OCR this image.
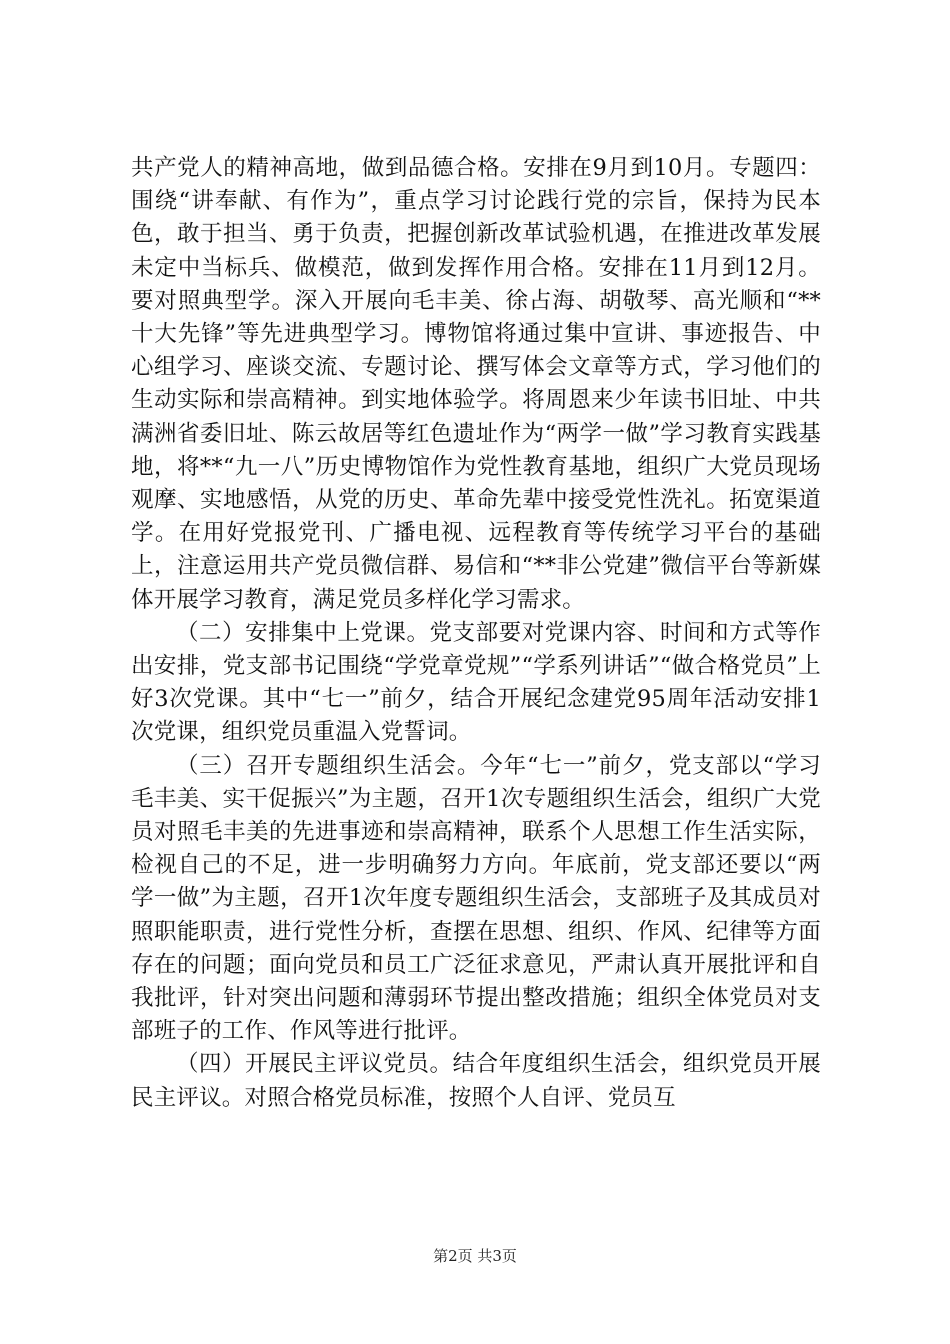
共产党人的精神高地，做到品德合格。安排在9月到10月。专题四：围绕“讲奉献、有作为”，重点学习讨论践行党的宗旨，保持为民本色，敢于担当、勇于负责，把握创新改革试验机遇，在推进改革发展未定中当标兵、做模范，做到发挥作用合格。安排在11月到12月。要对照典型学。深入开展向毛丰美、徐占海、胡敬琴、高光顺和“**十大先锋”等先进典型学习。博物馆将通过集中宣讲、事迹报告、中心组学习、座谈交流、专题讨论、撰写体会文章等方式，学习他们的生动实际和崇高精神。到实地体验学。将周恩来少年读书旧址、中共满洲省委旧址、陈云故居等红色遗址作为“两学一做”学习教育实践基地，将**“九一八”历史博物馆作为党性教育基地，组织广大党员现场观摩、实地感悟，从党的历史、革命先辈中接受党性洗礼。拓宽渠道学。在用好党报党刊、广播电视、远程教育等传统学习平台的基础上，注意运用共产党员微信群、易信和“**非公党建”微信平台等新媒体开展学习教育，满足党员多样化学习需求。

（二）安排集中上党课。党支部要对党课内容、时间和方式等作出安排，党支部书记围绕“学党章党规”“学系列讲话”“做合格党员”上好3次党课。其中“七一”前夕，结合开展纪念建党95周年活动安排1次党课，组织党员重温入党誓词。

（三）召开专题组织生活会。今年“七一”前夕，党支部以“学习毛丰美、实干促振兴”为主题，召开1次专题组织生活会，组织广大党员对照毛丰美的先进事迹和崇高精神，联系个人思想工作生活实际，检视自己的不足，进一步明确努力方向。年底前，党支部还要以“两学一做”为主题，召开1次年度专题组织生活会，支部班子及其成员对照职能职责，进行党性分析，查摆在思想、组织、作风、纪律等方面存在的问题；面向党员和员工广泛征求意见，严肃认真开展批评和自我批评，针对突出问题和薄弱环节提出整改措施；组织全体党员对支部班子的工作、作风等进行批评。

（四）开展民主评议党员。结合年度组织生活会，组织党员开展民主评议。对照合格党员标准，按照个人自评、党员互

第2页 共3页
